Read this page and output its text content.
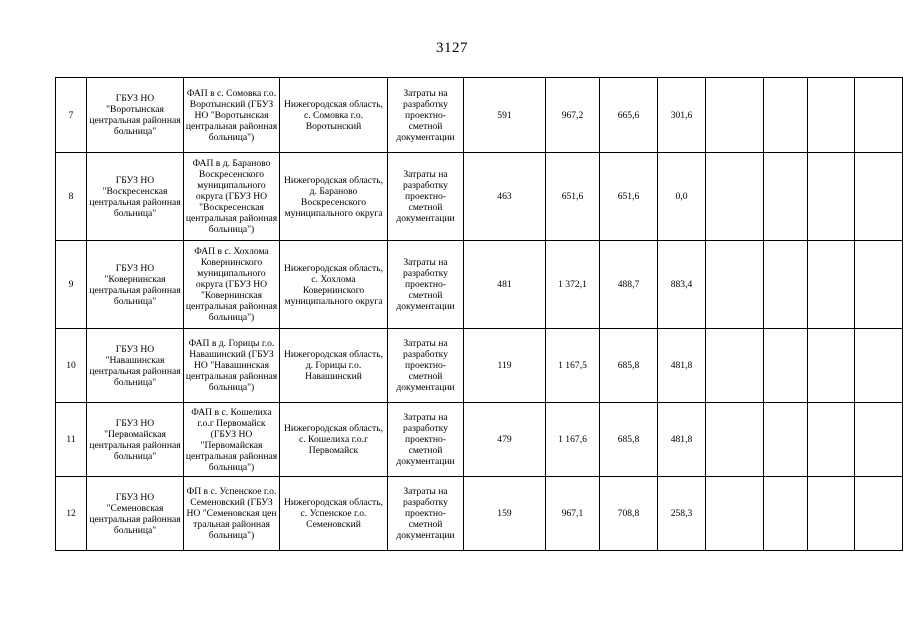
3127
7	ГБУЗ НО "Воротынская центральная районная больница"	ФАП в с. Сомовка г.о. Воротынский (ГБУЗ НО "Воротынская центральная районная больница")	Нижегородская область, с. Сомовка г.о. Воротынский	Затраты на разработку проектно-сметной документации	591	967,2	665,6	301,6				
8	ГБУЗ НО "Воскресенская центральная районная больница"	ФАП в д. Бараново Воскресенского муниципального округа (ГБУЗ НО "Воскресенская центральная районная больница")	Нижегородская область, д. Бараново Воскресенского муниципального округа	Затраты на разработку проектно-сметной документации	463	651,6	651,6	0,0				
9	ГБУЗ НО "Ковернинская центральная районная больница"	ФАП в с. Хохлома Ковернинского муниципального округа (ГБУЗ НО "Ковернинская центральная районная больница")	Нижегородская область, с. Хохлома Ковернинского муниципального округа	Затраты на разработку проектно-сметной документации	481	1 372,1	488,7	883,4				
10	ГБУЗ НО "Навашинская центральная районная больница"	ФАП в д. Горицы г.о. Навашинский (ГБУЗ НО "Навашинская центральная районная больница")	Нижегородская область, д. Горицы г.о. Навашинский	Затраты на разработку проектно-сметной документации	119	1 167,5	685,8	481,8				
11	ГБУЗ НО "Первомайская центральная районная больница"	ФАП в с. Кошелиха г.о.г Первомайск (ГБУЗ НО "Первомайская центральная районная больница")	Нижегородская область, с. Кошелиха г.о.г Первомайск	Затраты на разработку проектно-сметной документации	479	1 167,6	685,8	481,8				
12	ГБУЗ НО "Семеновская центральная районная больница"	ФП в с. Успенское г.о. Семеновский (ГБУЗ НО "Семеновская цен тральная районная больница")	Нижегородская область, с. Успенское г.о. Семеновский	Затраты на разработку проектно-сметной документации	159	967,1	708,8	258,3				
